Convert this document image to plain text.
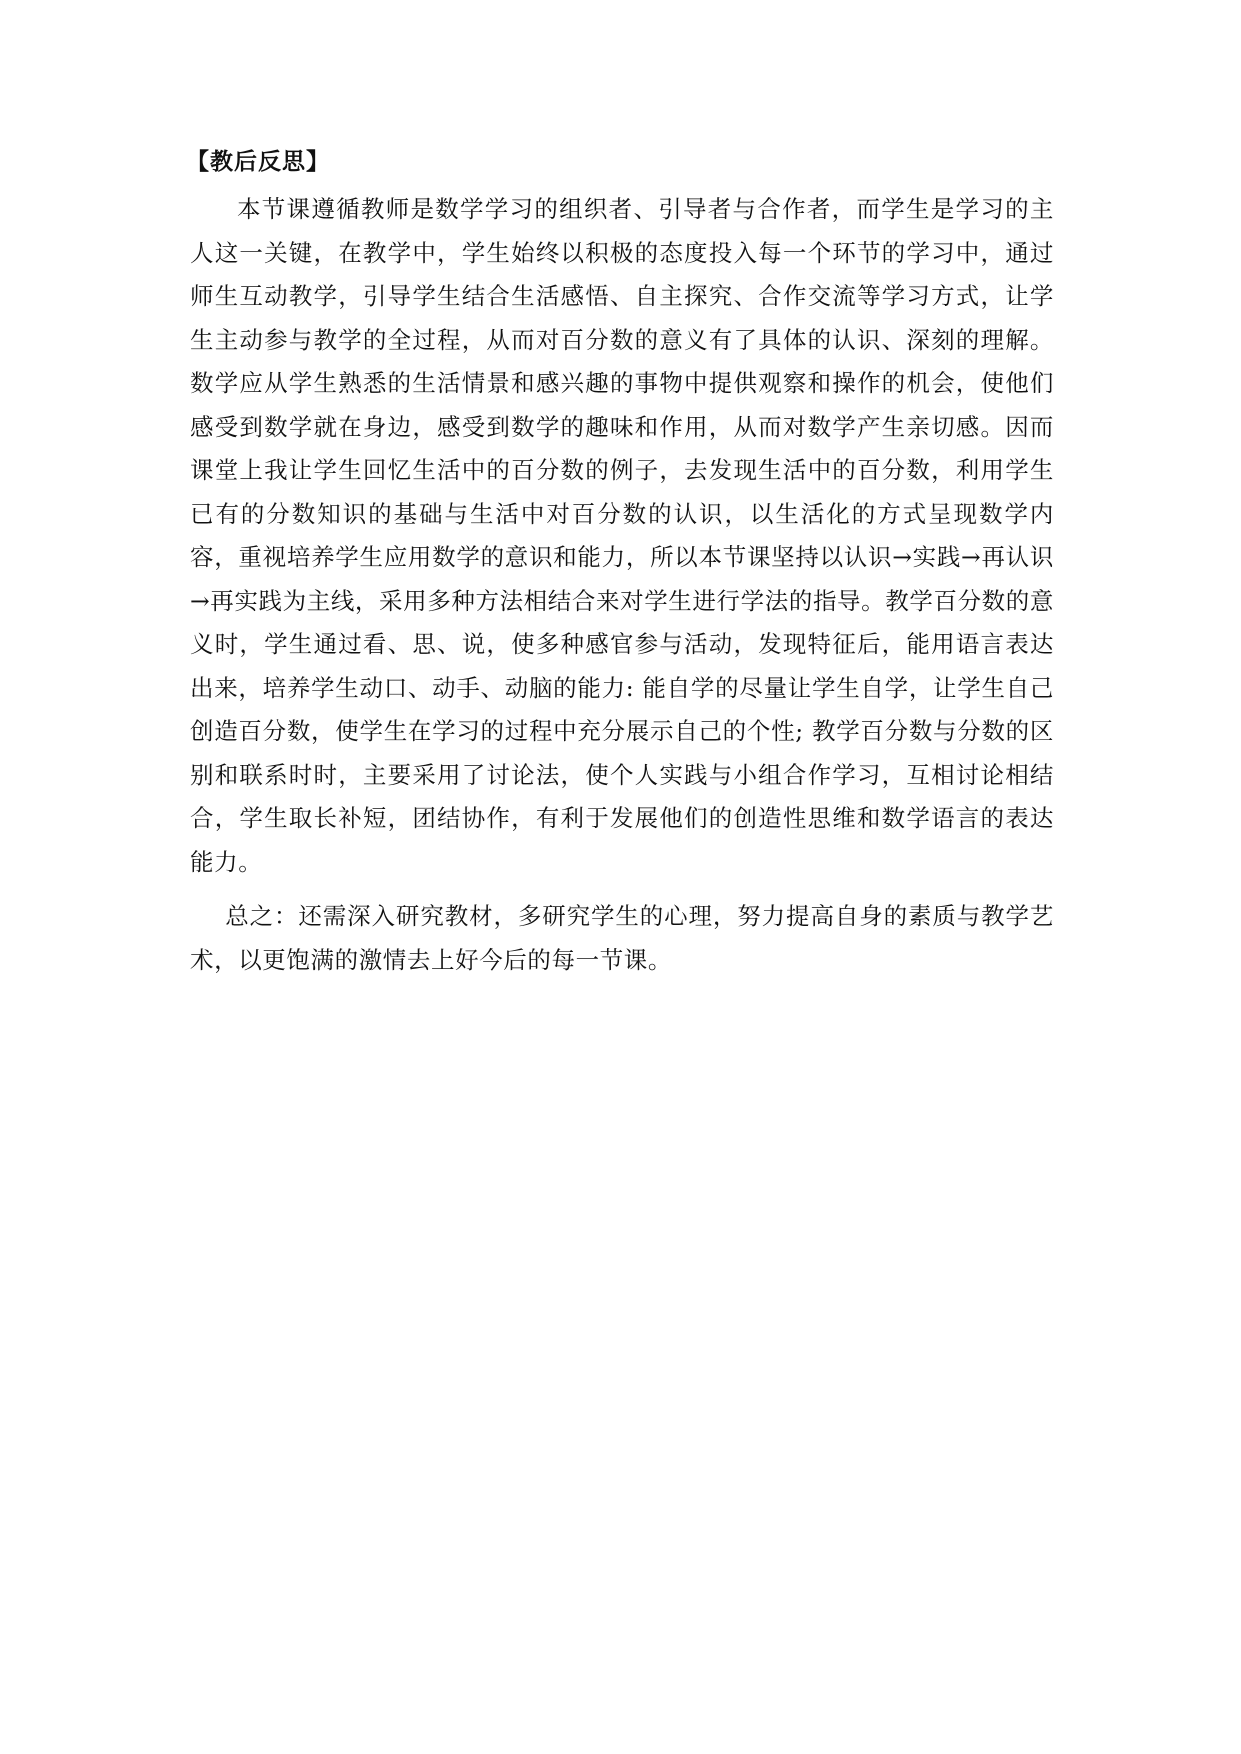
【教后反思】

本节课遵循教师是数学学习的组织者、引导者与合作者，而学生是学习的主人这一关键，在教学中，学生始终以积极的态度投入每一个环节的学习中，通过师生互动教学，引导学生结合生活感悟、自主探究、合作交流等学习方式，让学生主动参与教学的全过程，从而对百分数的意义有了具体的认识、深刻的理解。数学应从学生熟悉的生活情景和感兴趣的事物中提供观察和操作的机会，使他们感受到数学就在身边，感受到数学的趣味和作用，从而对数学产生亲切感。因而课堂上我让学生回忆生活中的百分数的例子，去发现生活中的百分数，利用学生已有的分数知识的基础与生活中对百分数的认识，以生活化的方式呈现数学内容，重视培养学生应用数学的意识和能力，所以本节课坚持以认识→实践→再认识→再实践为主线，采用多种方法相结合来对学生进行学法的指导。教学百分数的意义时，学生通过看、思、说，使多种感官参与活动，发现特征后，能用语言表达出来，培养学生动口、动手、动脑的能力: 能自学的尽量让学生自学，让学生自己创造百分数，使学生在学习的过程中充分展示自己的个性; 教学百分数与分数的区别和联系时时，主要采用了讨论法，使个人实践与小组合作学习，互相讨论相结合，学生取长补短，团结协作，有利于发展他们的创造性思维和数学语言的表达能力。

总之：还需深入研究教材，多研究学生的心理，努力提高自身的素质与教学艺术，以更饱满的激情去上好今后的每一节课。
